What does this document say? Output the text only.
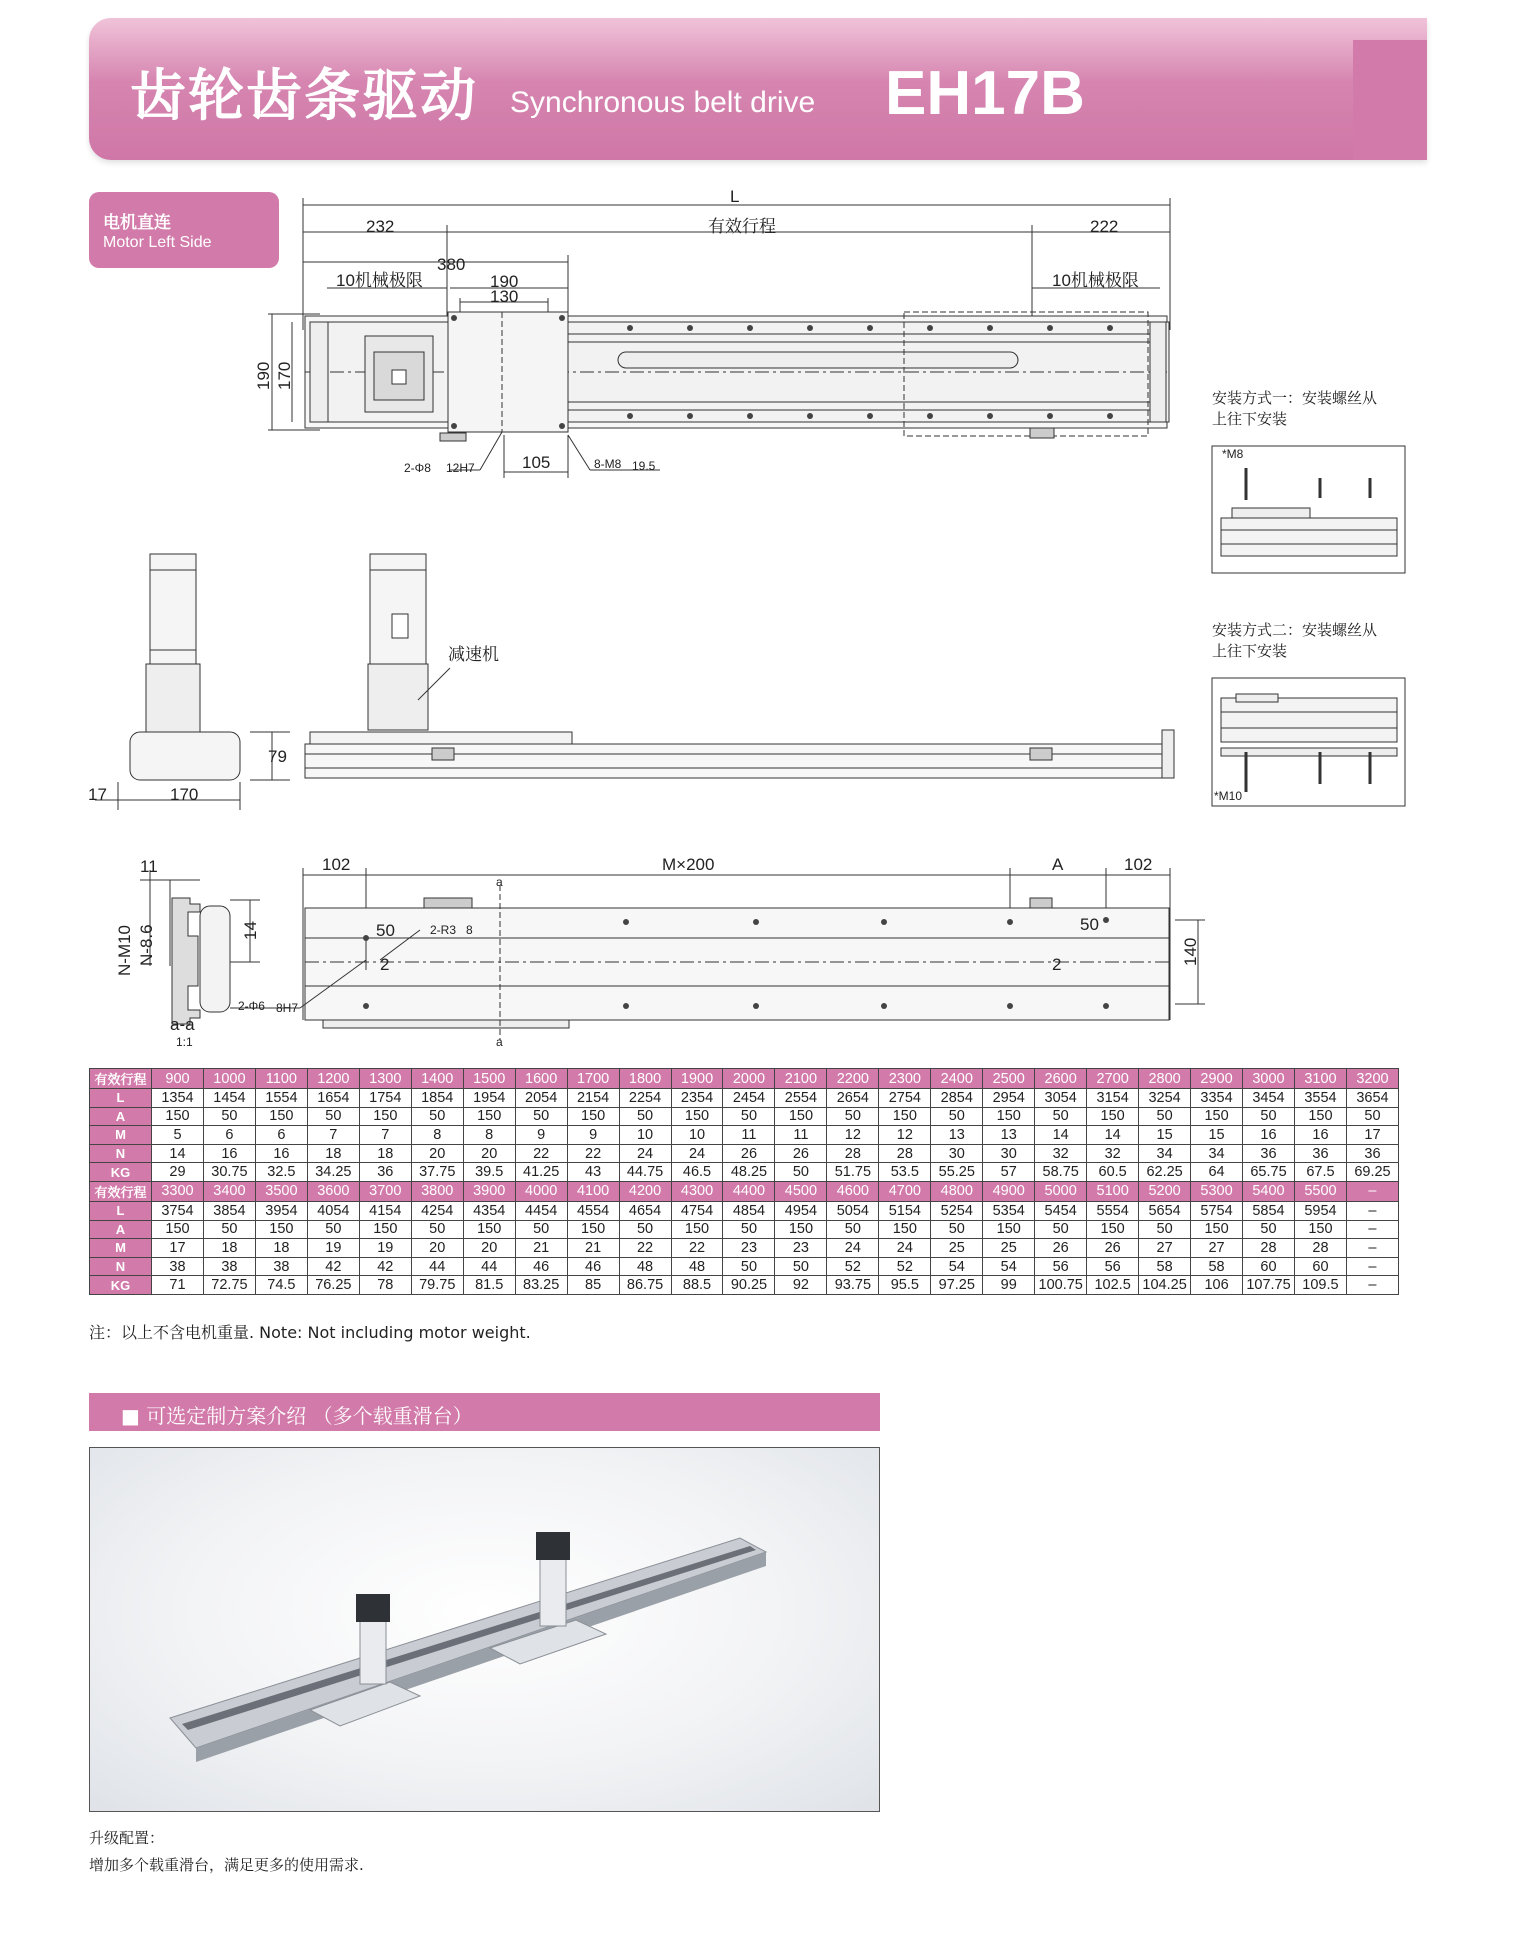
齿轮齿条驱动 Synchronous belt drive EH17B
电机直连
Motor Left Side
L
232	有效行程	222
380
10机械极限	10机械极限
190
130
190 170
2-Φ8 12H7	105	8-M8 19.5
减速机
79
17	170
102	M×200	A	102
50	50
2-R3 8
2	2
2-Φ6 8H7
140
a
a
11
14
N-M10 N-8.6
a-a
1:1
*M8
*M10
安装方式一：安装螺丝从
上往下安装
安装方式二：安装螺丝从
上往下安装
有效行程	900	1000	1100	1200	1300	1400	1500	1600	1700	1800	1900	2000	2100	2200	2300	2400	2500	2600	2700	2800	2900	3000	3100	3200
L	1354	1454	1554	1654	1754	1854	1954	2054	2154	2254	2354	2454	2554	2654	2754	2854	2954	3054	3154	3254	3354	3454	3554	3654
A	150	50	150	50	150	50	150	50	150	50	150	50	150	50	150	50	150	50	150	50	150	50	150	50
M	5	6	6	7	7	8	8	9	9	10	10	11	11	12	12	13	13	14	14	15	15	16	16	17
N	14	16	16	18	18	20	20	22	22	24	24	26	26	28	28	30	30	32	32	34	34	36	36	36
KG	29	30.75	32.5	34.25	36	37.75	39.5	41.25	43	44.75	46.5	48.25	50	51.75	53.5	55.25	57	58.75	60.5	62.25	64	65.75	67.5	69.25
有效行程	3300	3400	3500	3600	3700	3800	3900	4000	4100	4200	4300	4400	4500	4600	4700	4800	4900	5000	5100	5200	5300	5400	5500	–
L	3754	3854	3954	4054	4154	4254	4354	4454	4554	4654	4754	4854	4954	5054	5154	5254	5354	5454	5554	5654	5754	5854	5954	–
A	150	50	150	50	150	50	150	50	150	50	150	50	150	50	150	50	150	50	150	50	150	50	150	–
M	17	18	18	19	19	20	20	21	21	22	22	23	23	24	24	25	25	26	26	27	27	28	28	–
N	38	38	38	42	42	44	44	46	46	48	48	50	50	52	52	54	54	56	56	58	58	60	60	–
KG	71	72.75	74.5	76.25	78	79.75	81.5	83.25	85	86.75	88.5	90.25	92	93.75	95.5	97.25	99	100.75	102.5	104.25	106	107.75	109.5	–
注：以上不含电机重量. Note: Not including motor weight.
■ 可选定制方案介绍 （多个载重滑台）
升级配置：
增加多个载重滑台，满足更多的使用需求.
